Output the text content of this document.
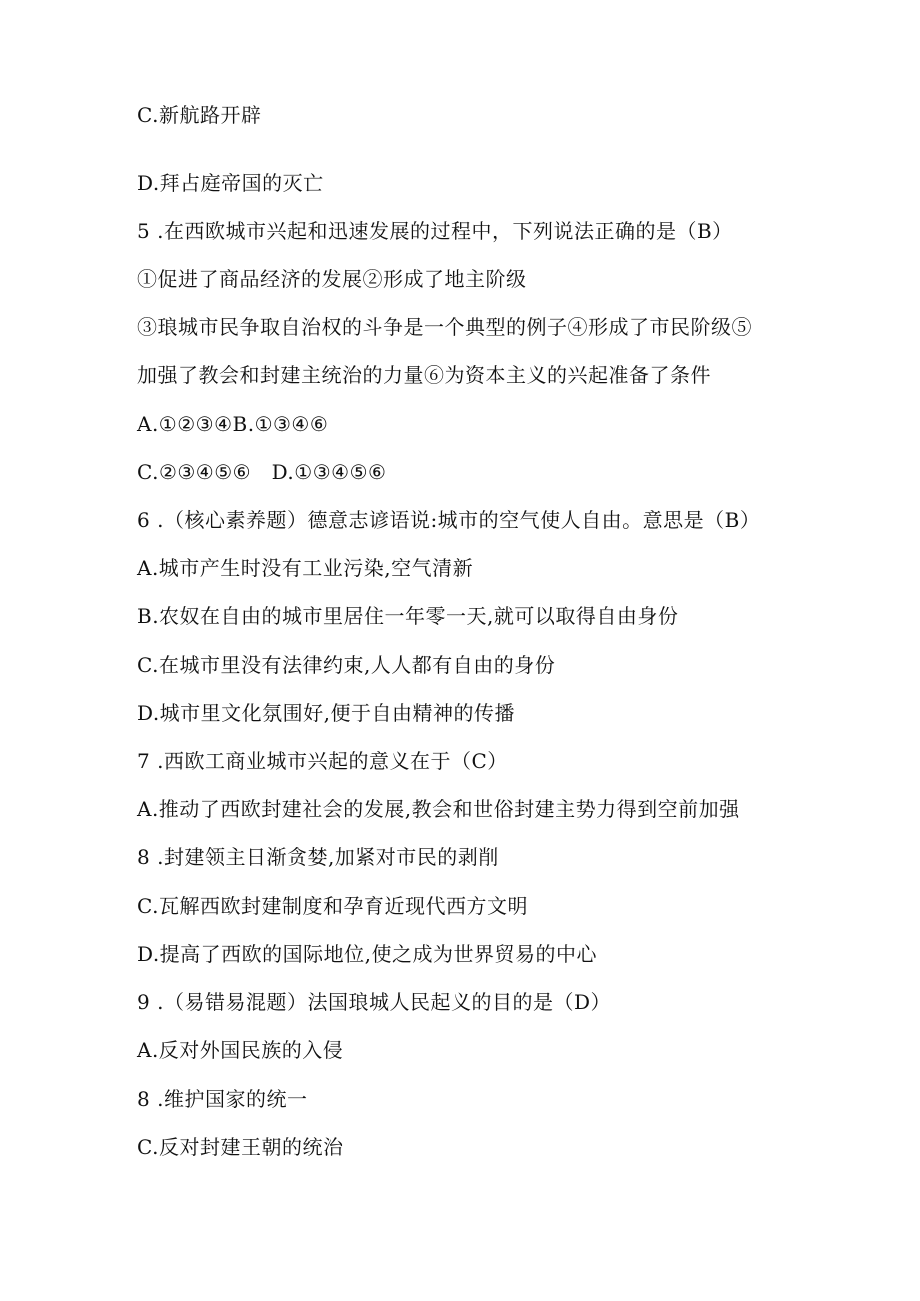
C.新航路开辟
D.拜占庭帝国的灭亡
5 .在西欧城市兴起和迅速发展的过程中，下列说法正确的是（B）
①促进了商品经济的发展②形成了地主阶级
③琅城市民争取自治权的斗争是一个典型的例子④形成了市民阶级⑤
加强了教会和封建主统治的力量⑥为资本主义的兴起准备了条件
A.①②③④B.①③④⑥
C.②③④⑤⑥　D.①③④⑤⑥
6 .（核心素养题）德意志谚语说:城市的空气使人自由。意思是（B）
A.城市产生时没有工业污染,空气清新
B.农奴在自由的城市里居住一年零一天,就可以取得自由身份
C.在城市里没有法律约束,人人都有自由的身份
D.城市里文化氛围好,便于自由精神的传播
7 .西欧工商业城市兴起的意义在于（C）
A.推动了西欧封建社会的发展,教会和世俗封建主势力得到空前加强
8 .封建领主日渐贪婪,加紧对市民的剥削
C.瓦解西欧封建制度和孕育近现代西方文明
D.提高了西欧的国际地位,使之成为世界贸易的中心
9 .（易错易混题）法国琅城人民起义的目的是（D）
A.反对外国民族的入侵
8 .维护国家的统一
C.反对封建王朝的统治
